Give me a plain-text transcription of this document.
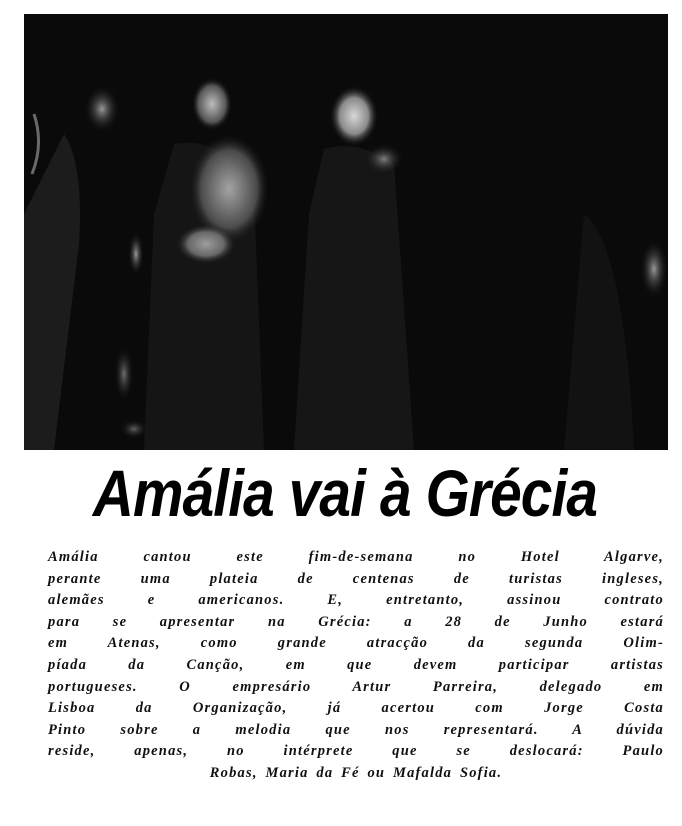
Amália vai à Grécia
Amália cantou este fim-de-semana no Hotel Algarve,
perante uma plateia de centenas de turistas ingleses,
alemães e americanos. E, entretanto, assinou contrato
para se apresentar na Grécia: a 28 de Junho estará
em Atenas, como grande atracção da segunda Olim-
píada da Canção, em que devem participar artistas
portugueses. O empresário Artur Parreira, delegado em
Lisboa da Organização, já acertou com Jorge Costa
Pinto sobre a melodia que nos representará. A dúvida
reside, apenas, no intérprete que se deslocará: Paulo
Robas, Maria da Fé ou Mafalda Sofia.
